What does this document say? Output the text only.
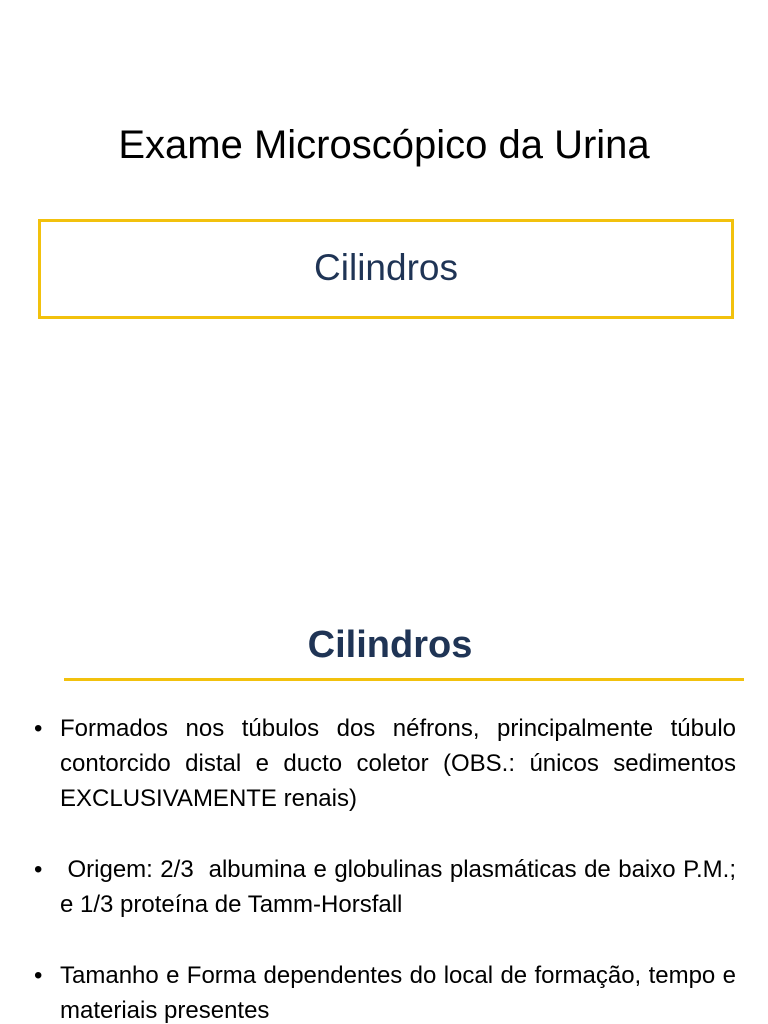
Exame Microscópico da Urina
Cilindros
Cilindros
• Formados nos túbulos dos néfrons, principalmente túbulo contorcido distal e ducto coletor (OBS.: únicos sedimentos EXCLUSIVAMENTE renais)
• Origem: 2/3  albumina e globulinas plasmáticas de baixo P.M.; e 1/3 proteína de Tamm-Horsfall
• Tamanho e Forma dependentes do local de formação, tempo e materiais presentes
